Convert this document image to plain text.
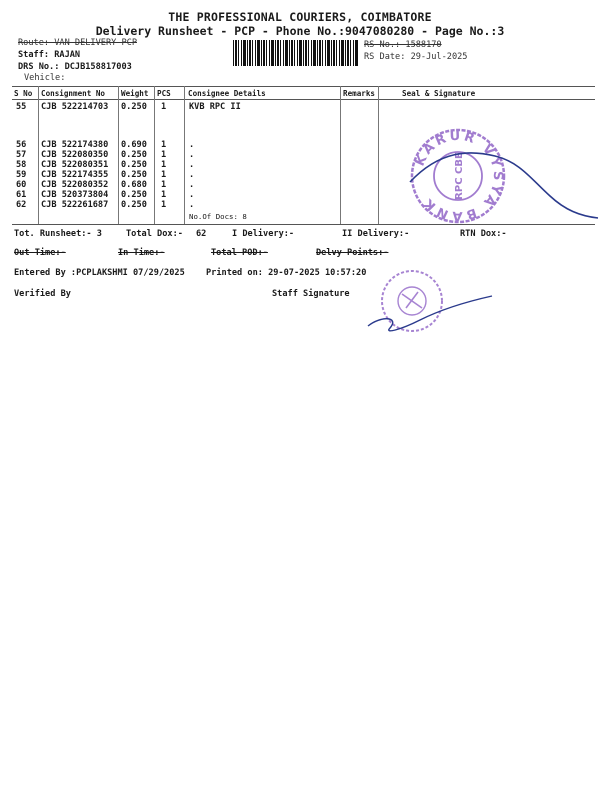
THE PROFESSIONAL COURIERS, COIMBATORE
Delivery Runsheet - PCP - Phone No.:9047080280 - Page No.:3
Route: VAN DELIVERY PCP
Staff: RAJAN
DRS No.: DCJB158817003
Vehicle:
RS No.: 1588170
RS Date: 29-Jul-2025
S No Consignment No Weight PCS Consignee Details	Remarks	Seal & Signature
55 CJB 522214703 0.250 1	KVB RPC II
56 CJB 522174380 0.690 1	.
57 CJB 522080350 0.250 1	.
58 CJB 522080351 0.250 1	.
59 CJB 522174355 0.250 1	.
60 CJB 522080352 0.680 1	.
61 CJB 520373804 0.250 1	.
62 CJB 522261687 0.250 1	.
No.Of Docs: 8
KARUR VYSYA BANK
RPC CBE
Tot. Runsheet:- 3	Total Dox:- 62	I Delivery:-	II Delivery:-	RTN Dox:-
Out Time:-	In Time:-	Total POD:-	Delvy Points:-
Entered By :PCPLAKSHMI 07/29/2025 Printed on: 29-07-2025 10:57:20
Verified By	Staff Signature
